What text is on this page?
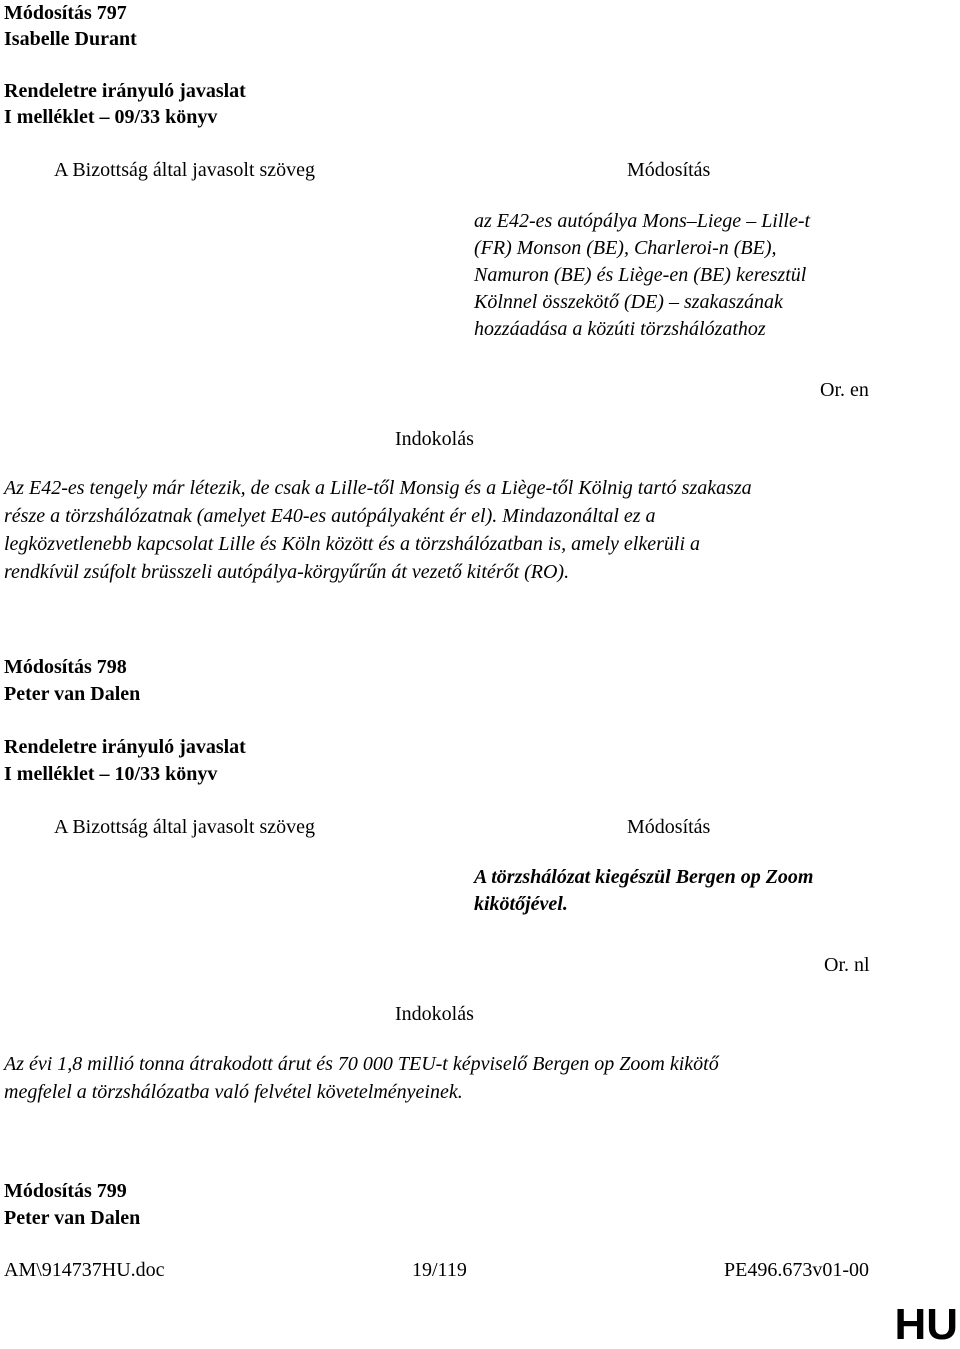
Módosítás 797
Isabelle Durant
Rendeletre irányuló javaslat
I melléklet – 09/33 könyv
A Bizottság által javasolt szöveg	Módosítás
az E42-es autópálya Mons–Liege – Lille-t
(FR) Monson (BE), Charleroi-n (BE),
Namuron (BE) és Liège-en (BE) keresztül
Kölnnel összekötő (DE) – szakaszának
hozzáadása a közúti törzshálózathoz
Or. en
Indokolás
Az E42-es tengely már létezik, de csak a Lille-től Monsig és a Liège-től Kölnig tartó szakasza
része a törzshálózatnak (amelyet E40-es autópályaként ér el). Mindazonáltal ez a
legközvetlenebb kapcsolat Lille és Köln között és a törzshálózatban is, amely elkerüli a
rendkívül zsúfolt brüsszeli autópálya-körgyűrűn át vezető kitérőt (RO).
Módosítás 798
Peter van Dalen
Rendeletre irányuló javaslat
I melléklet – 10/33 könyv
A Bizottság által javasolt szöveg	Módosítás
A törzshálózat kiegészül Bergen op Zoom
kikötőjével.
Or. nl
Indokolás
Az évi 1,8 millió tonna átrakodott árut és 70 000 TEU-t képviselő Bergen op Zoom kikötő
megfelel a törzshálózatba való felvétel követelményeinek.
Módosítás 799
Peter van Dalen
AM\914737HU.doc	19/119	PE496.673v01-00
HU
